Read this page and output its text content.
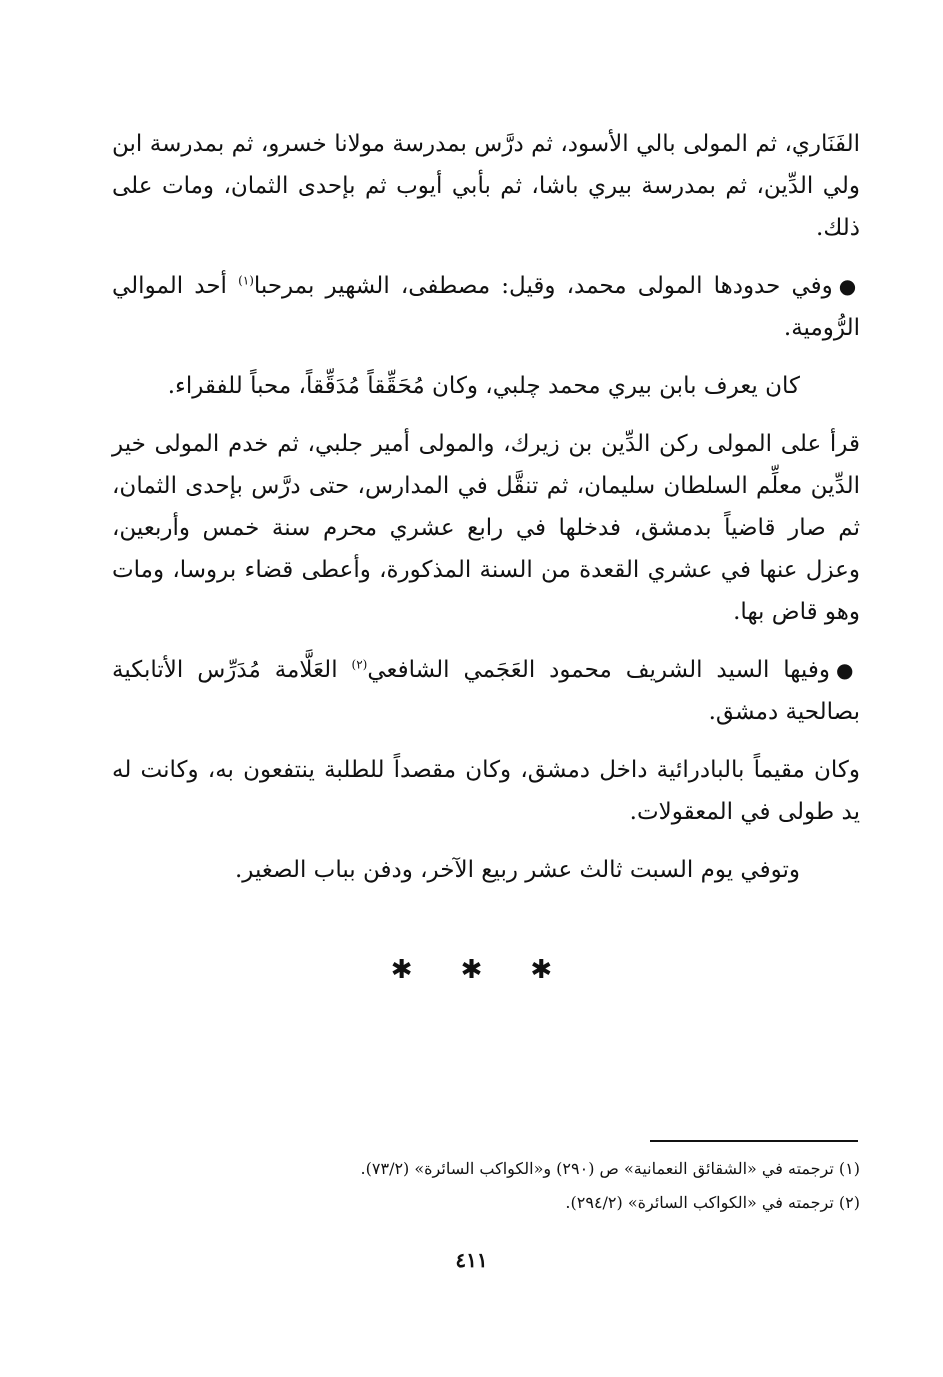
الفَنَاري، ثم المولى بالي الأسود، ثم درَّس بمدرسة مولانا خسرو، ثم بمدرسة ابن ولي الدِّين، ثم بمدرسة بيري باشا، ثم بأبي أيوب ثم بإحدى الثمان، ومات على ذلك.

●وفي حدودها المولى محمد، وقيل: مصطفى، الشهير بمرحبا$^{(١)}$ أحد الموالي الرُّومية.

كان يعرف بابن بيري محمد چلبي، وكان مُحَقِّقاً مُدَقِّقاً، محباً للفقراء.

قرأ على المولى ركن الدِّين بن زيرك، والمولى أمير جلبي، ثم خدم المولى خير الدِّين معلِّم السلطان سليمان، ثم تنقَّل في المدارس، حتى درَّس بإحدى الثمان، ثم صار قاضياً بدمشق، فدخلها في رابع عشري محرم سنة خمس وأربعين، وعزل عنها في عشري القعدة من السنة المذكورة، وأعطى قضاء بروسا، ومات وهو قاض بها.

●وفيها السيد الشريف محمود العَجَمي الشافعي$^{(٢)}$ العَلَّامة مُدَرِّس الأتابكية بصالحية دمشق.

وكان مقيماً بالبادرائية داخل دمشق، وكان مقصداً للطلبة ينتفعون به، وكانت له يد طولى في المعقولات.

وتوفي يوم السبت ثالث عشر ربيع الآخر، ودفن بباب الصغير.

✱ ✱ ✱
(١) ترجمته في «الشقائق النعمانية» ص (٢٩٠) و«الكواكب السائرة» (٧٣/٢).
(٢) ترجمته في «الكواكب السائرة» (٢٩٤/٢).
٤١١
